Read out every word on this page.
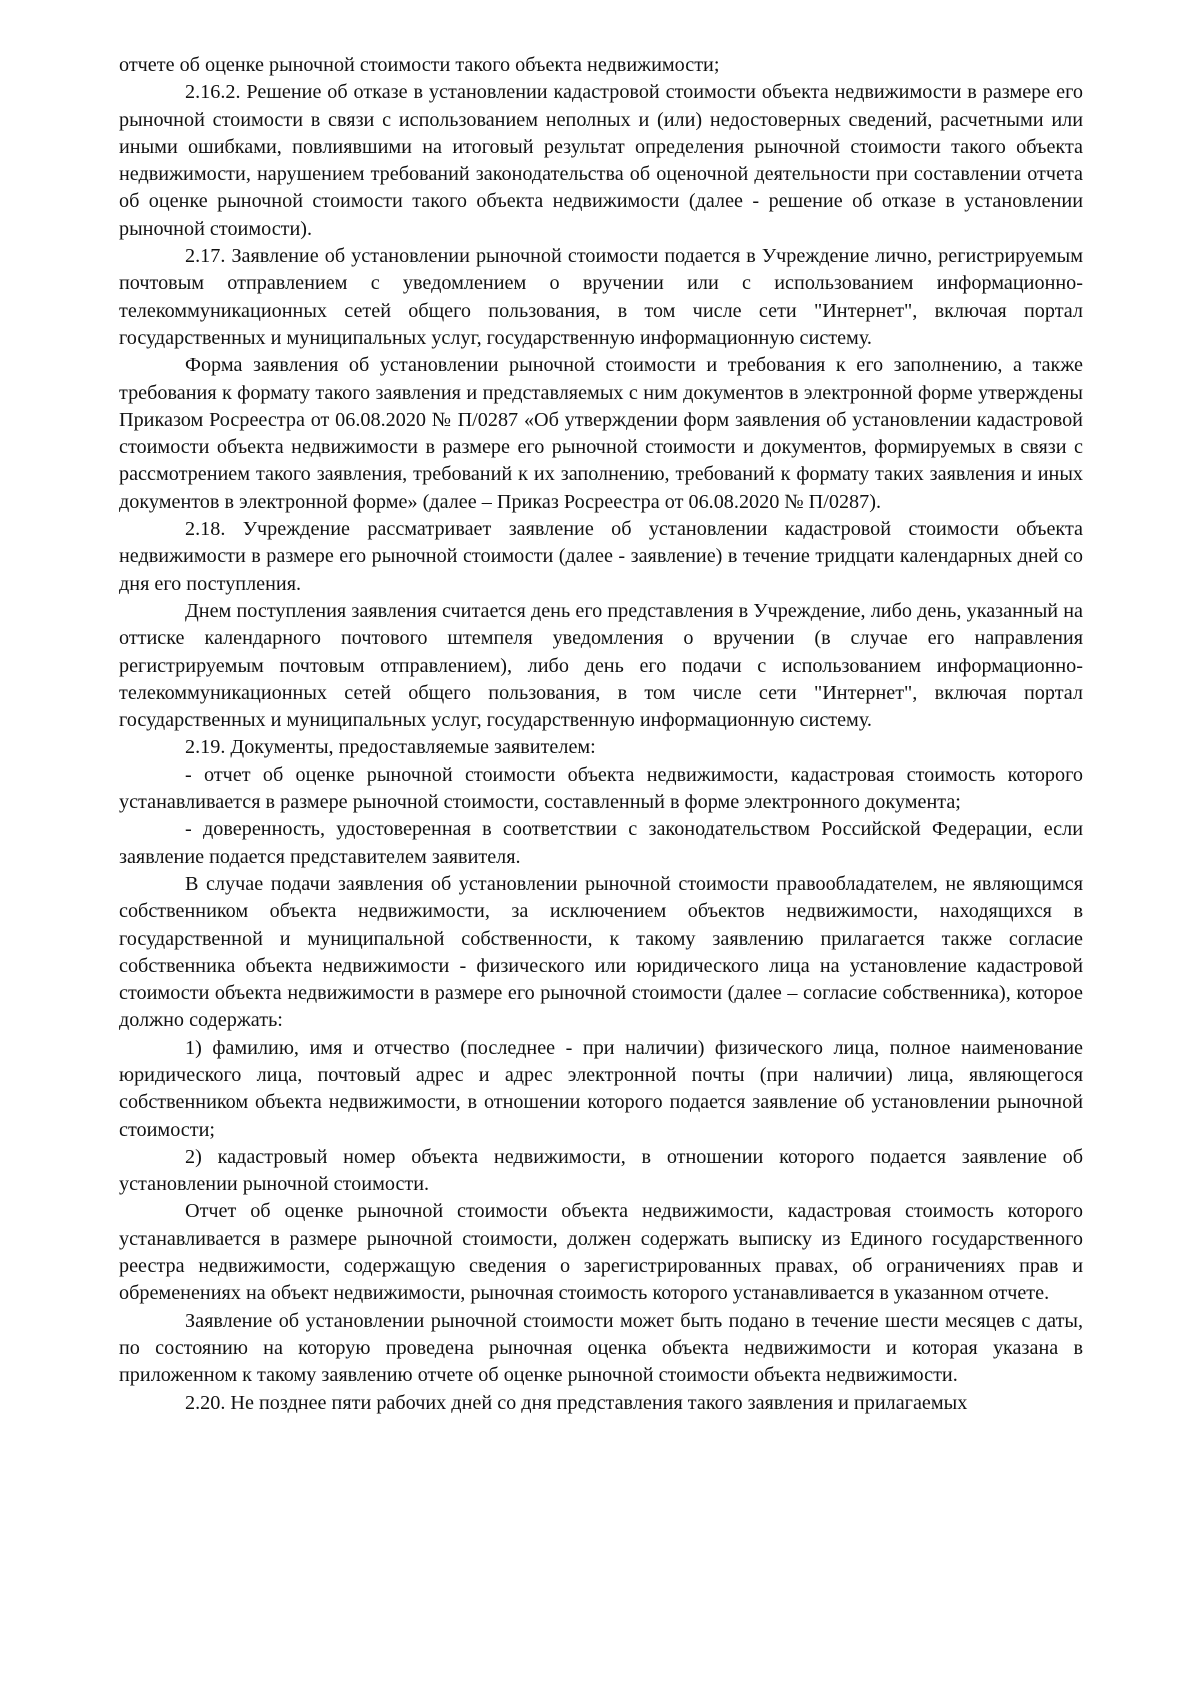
отчете об оценке рыночной стоимости такого объекта недвижимости;

2.16.2. Решение об отказе в установлении кадастровой стоимости объекта недвижимости в размере его рыночной стоимости в связи с использованием неполных и (или) недостоверных сведений, расчетными или иными ошибками, повлиявшими на итоговый результат определения рыночной стоимости такого объекта недвижимости, нарушением требований законодательства об оценочной деятельности при составлении отчета об оценке рыночной стоимости такого объекта недвижимости (далее - решение об отказе в установлении рыночной стоимости).

2.17. Заявление об установлении рыночной стоимости подается в Учреждение лично, регистрируемым почтовым отправлением с уведомлением о вручении или с использованием информационно-телекоммуникационных сетей общего пользования, в том числе сети "Интернет", включая портал государственных и муниципальных услуг, государственную информационную систему.

Форма заявления об установлении рыночной стоимости и требования к его заполнению, а также требования к формату такого заявления и представляемых с ним документов в электронной форме утверждены Приказом Росреестра от 06.08.2020 № П/0287 «Об утверждении форм заявления об установлении кадастровой стоимости объекта недвижимости в размере его рыночной стоимости и документов, формируемых в связи с рассмотрением такого заявления, требований к их заполнению, требований к формату таких заявления и иных документов в электронной форме» (далее – Приказ Росреестра от 06.08.2020 № П/0287).

2.18. Учреждение рассматривает заявление об установлении кадастровой стоимости объекта недвижимости в размере его рыночной стоимости (далее - заявление) в течение тридцати календарных дней со дня его поступления.

Днем поступления заявления считается день его представления в Учреждение, либо день, указанный на оттиске календарного почтового штемпеля уведомления о вручении (в случае его направления регистрируемым почтовым отправлением), либо день его подачи с использованием информационно-телекоммуникационных сетей общего пользования, в том числе сети "Интернет", включая портал государственных и муниципальных услуг, государственную информационную систему.

2.19. Документы, предоставляемые заявителем:

- отчет об оценке рыночной стоимости объекта недвижимости, кадастровая стоимость которого устанавливается в размере рыночной стоимости, составленный в форме электронного документа;

- доверенность, удостоверенная в соответствии с законодательством Российской Федерации, если заявление подается представителем заявителя.

В случае подачи заявления об установлении рыночной стоимости правообладателем, не являющимся собственником объекта недвижимости, за исключением объектов недвижимости, находящихся в государственной и муниципальной собственности, к такому заявлению прилагается также согласие собственника объекта недвижимости - физического или юридического лица на установление кадастровой стоимости объекта недвижимости в размере его рыночной стоимости (далее – согласие собственника), которое должно содержать:

1) фамилию, имя и отчество (последнее - при наличии) физического лица, полное наименование юридического лица, почтовый адрес и адрес электронной почты (при наличии) лица, являющегося собственником объекта недвижимости, в отношении которого подается заявление об установлении рыночной стоимости;

2) кадастровый номер объекта недвижимости, в отношении которого подается заявление об установлении рыночной стоимости.

Отчет об оценке рыночной стоимости объекта недвижимости, кадастровая стоимость которого устанавливается в размере рыночной стоимости, должен содержать выписку из Единого государственного реестра недвижимости, содержащую сведения о зарегистрированных правах, об ограничениях прав и обременениях на объект недвижимости, рыночная стоимость которого устанавливается в указанном отчете.

Заявление об установлении рыночной стоимости может быть подано в течение шести месяцев с даты, по состоянию на которую проведена рыночная оценка объекта недвижимости и которая указана в приложенном к такому заявлению отчете об оценке рыночной стоимости объекта недвижимости.

2.20. Не позднее пяти рабочих дней со дня представления такого заявления и прилагаемых
